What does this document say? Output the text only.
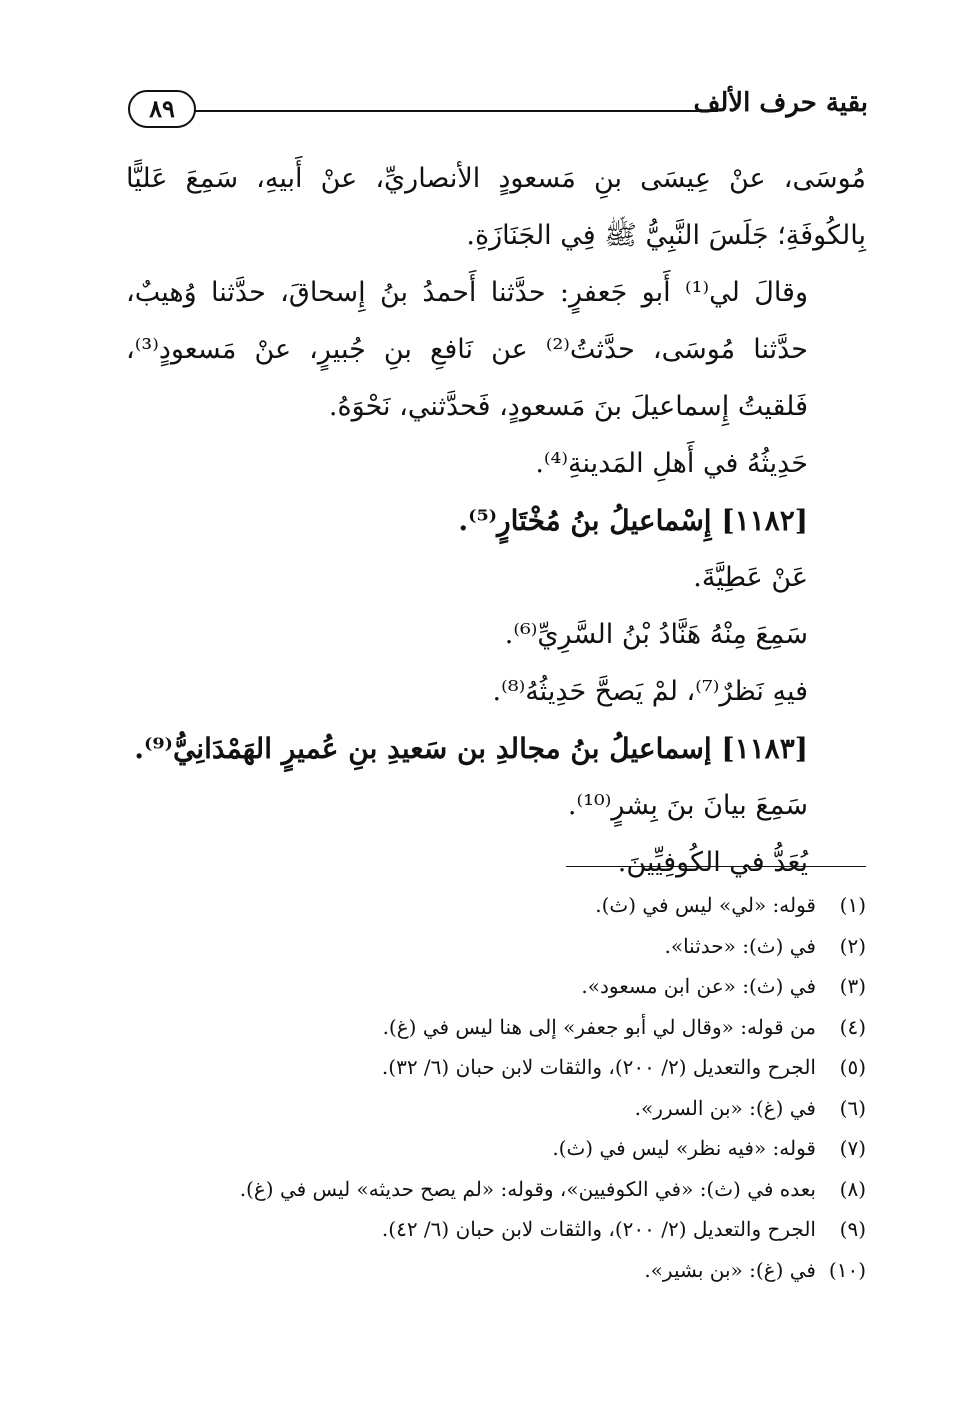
٨٩	بقية حرف الألف

مُوسَى، عنْ عِيسَى بنِ مَسعودٍ الأنصاريِّ، عنْ أَبيهِ، سَمِعَ عَليًّا بِالكُوفَةِ؛ جَلَسَ النَّبِيُّ ﷺ فِي الجَنَازَةِ.

وقالَ لي⁽¹⁾ أَبو جَعفرٍ: حدَّثنا أَحمدُ بنُ إِسحاقَ، حدَّثنا وُهيبٌ، حدَّثنا مُوسَى، حدَّثتُ⁽²⁾ عن نَافعِ بنِ جُبيرٍ، عنْ مَسعودٍ⁽³⁾، فَلقيتُ إِسماعيلَ بنَ مَسعودٍ، فَحدَّثني، نَحْوَهُ.

حَدِيثُهُ في أَهلِ المَدينةِ⁽⁴⁾.

[١١٨٢] إِسْماعيلُ بنُ مُخْتَارٍ⁽⁵⁾.

عَنْ عَطِيَّةَ.

سَمِعَ مِنْهُ هَنَّادُ بْنُ السَّرِيِّ⁽⁶⁾.

فيهِ نَظرٌ⁽⁷⁾، لمْ يَصحَّ حَدِيثُهُ⁽⁸⁾.

[١١٨٣] إسماعيلُ بنُ مجالدِ بن سَعيدِ بنِ عُميرٍ الهَمْدَانِيُّ⁽⁹⁾.

سَمِعَ بيانَ بنَ بِشرٍ⁽¹⁰⁾.

يُعَدُّ في الكُوفِيِّينَ.

(١)قوله: «لي» ليس في (ث).
(٢)في (ث): «حدثنا».
(٣)في (ث): «عن ابن مسعود».
(٤)من قوله: «وقال لي أبو جعفر» إلى هنا ليس في (غ).
(٥)الجرح والتعديل (٢/ ٢٠٠)، والثقات لابن حبان (٦/ ٣٢).
(٦)في (غ): «بن السرر».
(٧)قوله: «فيه نظر» ليس في (ث).
(٨)بعده في (ث): «في الكوفيين»، وقوله: «لم يصح حديثه» ليس في (غ).
(٩)الجرح والتعديل (٢/ ٢٠٠)، والثقات لابن حبان (٦/ ٤٢).
(١٠)في (غ): «بن بشير».
